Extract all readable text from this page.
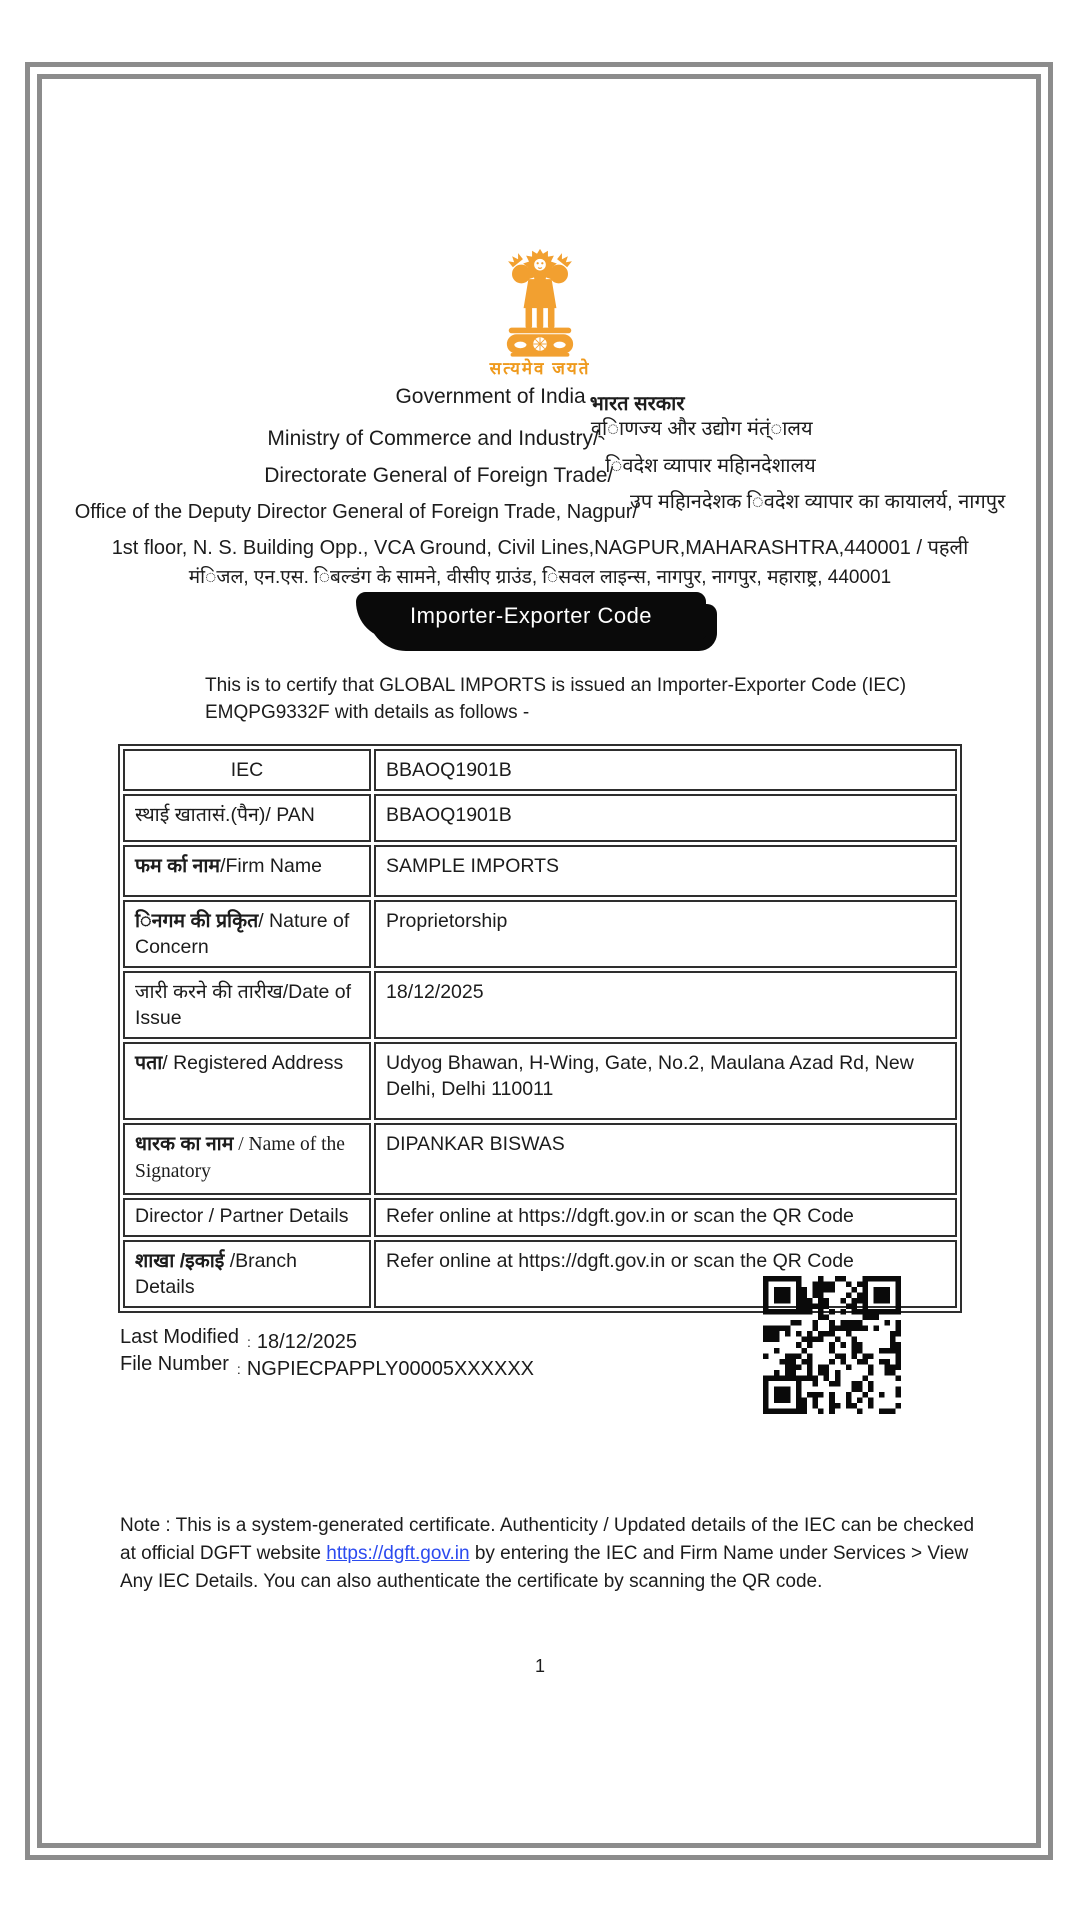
सत्यमेव जयते
Government of India भारत सरकार
Ministry of Commerce and Industry/व्िाणज्य और उद्योग मंत्ंालय
Directorate General of Foreign Trade/िवदेश व्यापार महिानदेशालय
Office of the Deputy Director General of Foreign Trade, Nagpur/उप महिानदेशक िवदेश व्यापार का कायालर्य, नागपुर
1st floor, N. S. Building Opp., VCA Ground, Civil Lines,NAGPUR,MAHARASHTRA,440001 / पहली
मंिजल, एन.एस. िबल्डंग के सामने, वीसीए ग्राउंड, िसवल लाइन्स, नागपुर, नागपुर, महाराष्ट्र, 440001
Importer-Exporter Code
This is to certify that GLOBAL IMPORTS is issued an Importer-Exporter Code (IEC)
EMQPG9332F with details as follows -
IEC	BBAOQ1901B
स्थाई खातासं.(पैन)/ PAN	BBAOQ1901B
फम र्का नाम/Firm Name	SAMPLE IMPORTS
िनगम की प्रकृित/ Nature of Concern	Proprietorship
जारी करने की तारीख/Date of Issue	18/12/2025
पता/ Registered Address	Udyog Bhawan, H-Wing, Gate, No.2, Maulana Azad Rd, New Delhi, Delhi 110011
धारक का नाम / Name of the Signatory	DIPANKAR BISWAS
Director / Partner Details	Refer online at https://dgft.gov.in or scan the QR Code
शाखा /इकाई /Branch Details	Refer online at https://dgft.gov.in or scan the QR Code
Last Modified $_:$ 18/12/2025
File Number $_:$ NGPIECPAPPLY00005XXXXXX
Note : This is a system-generated certificate. Authenticity / Updated details of the IEC can be checked at official DGFT website https://dgft.gov.in by entering the IEC and Firm Name under Services > View Any IEC Details. You can also authenticate the certificate by scanning the QR code.
1
